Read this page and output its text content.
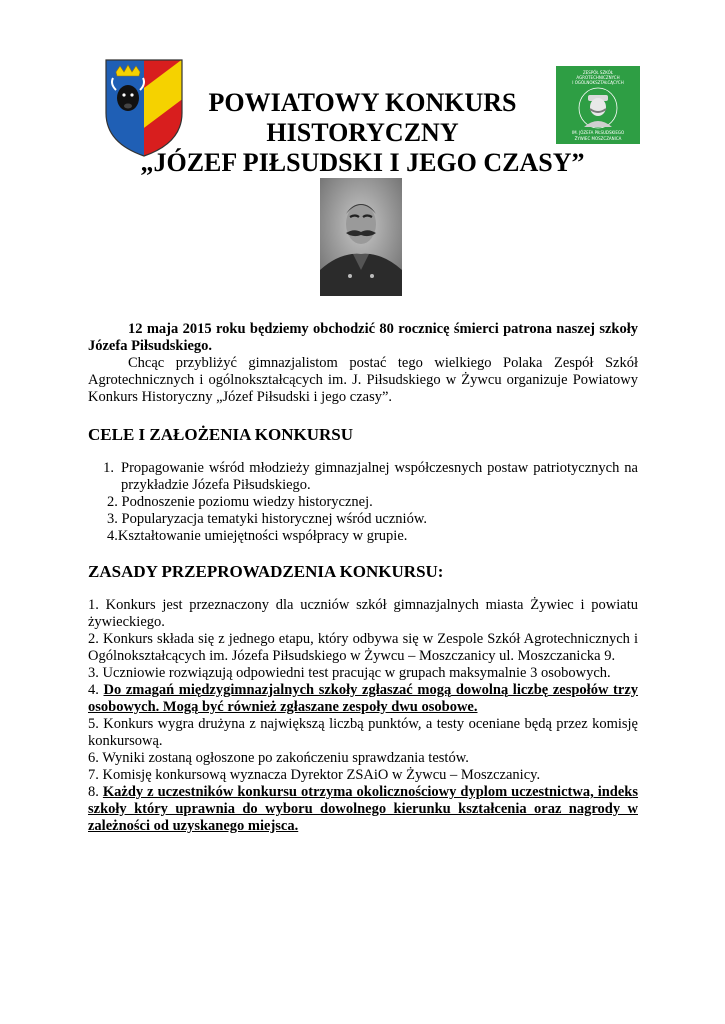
ZESPÓŁ SZKÓŁ
AGROTECHNICZNYCH
I OGÓLNOKSZTAŁCĄCYCH
IM. JÓZEFA PIŁSUDSKIEGO
ŻYWIEC MOSZCZANICA
POWIATOWY KONKURS
HISTORYCZNY
„JÓZEF PIŁSUDSKI I JEGO CZASY”

12 maja 2015 roku będziemy obchodzić 80 rocznicę śmierci patrona naszej szkoły Józefa Piłsudskiego.

Chcąc przybliżyć gimnazjalistom postać tego wielkiego Polaka Zespół Szkół Agrotechnicznych i ogólnokształcących im. J. Piłsudskiego w Żywcu organizuje Powiatowy Konkurs Historyczny „Józef Piłsudski i jego czasy”.

CELE I ZAŁOŻENIA KONKURSU
1. Propagowanie wśród młodzieży gimnazjalnej współczesnych postaw patriotycznych na przykładzie Józefa Piłsudskiego.
2. Podnoszenie poziomu wiedzy historycznej.
3. Popularyzacja tematyki historycznej wśród uczniów.
4.Kształtowanie umiejętności współpracy w grupie.
ZASADY PRZEPROWADZENIA KONKURSU:

1. Konkurs jest przeznaczony dla uczniów szkół gimnazjalnych miasta Żywiec i powiatu żywieckiego.

2. Konkurs składa się z jednego etapu, który odbywa się w Zespole Szkół Agrotechnicznych i Ogólnokształcących im. Józefa Piłsudskiego w Żywcu – Moszczanicy ul. Moszczanicka 9.

3. Uczniowie rozwiązują odpowiedni test pracując w grupach maksymalnie 3 osobowych.

4. Do zmagań międzygimnazjalnych szkoły zgłaszać mogą dowolną liczbę zespołów trzy osobowych. Mogą być również zgłaszane zespoły dwu osobowe.

5. Konkurs wygra drużyna z największą liczbą punktów, a testy oceniane będą przez komisję konkursową.

6. Wyniki zostaną ogłoszone po zakończeniu sprawdzania testów.

7. Komisję konkursową wyznacza Dyrektor ZSAiO w Żywcu – Moszczanicy.

8. Każdy z uczestników konkursu otrzyma okolicznościowy dyplom uczestnictwa, indeks szkoły który uprawnia do wyboru dowolnego kierunku kształcenia oraz nagrody w zależności od uzyskanego miejsca.
